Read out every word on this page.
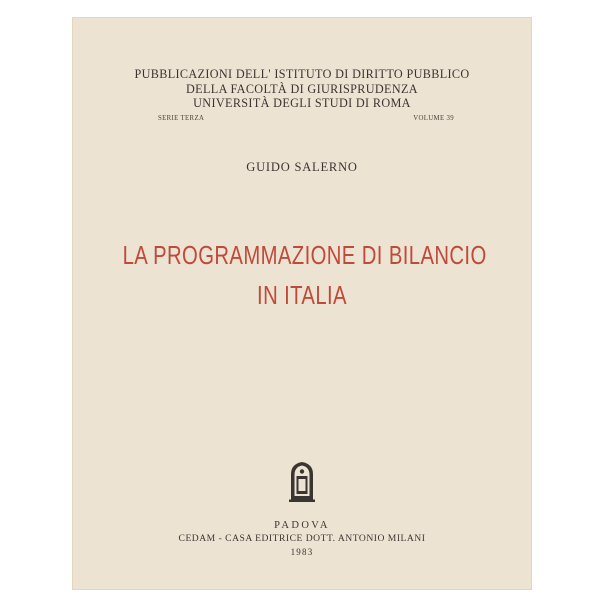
PUBBLICAZIONI DELL' ISTITUTO DI DIRITTO PUBBLICO
DELLA FACOLTÀ DI GIURISPRUDENZA
UNIVERSITÀ DEGLI STUDI DI ROMA
SERIE TERZA	VOLUME 39
GUIDO SALERNO
LA PROGRAMMAZIONE DI BILANCIO
IN ITALIA
PADOVA
CEDAM - CASA EDITRICE DOTT. ANTONIO MILANI
1983
